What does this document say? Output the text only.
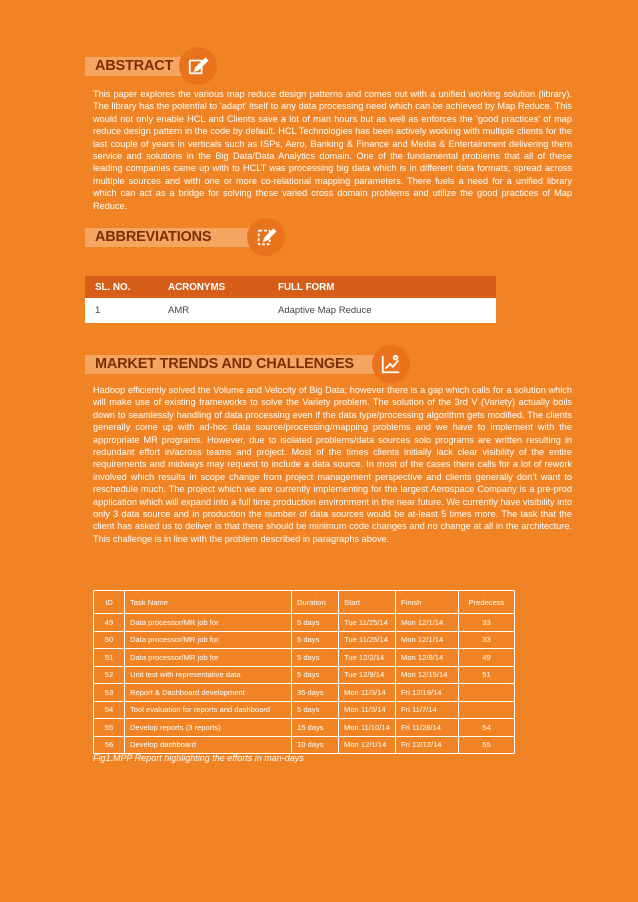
ABSTRACT

This paper explores the various map reduce design patterns and comes out with a unified working solution (library). The library has the potential to ‘adapt’ itself to any data processing need which can be achieved by Map Reduce. This would not only enable HCL and Clients save a lot of man hours but as well as enforces the ‘good practices’ of map reduce design pattern in the code by default. HCL Technologies has been actively working with multiple clients for the last couple of years in verticals such as ISPs, Aero, Banking & Finance and Media & Entertainment delivering them service and solutions in the Big Data/Data Analytics domain. One of the fundamental problems that all of these leading companies came up with to HCLT was processing big data which is in different data formats, spread across multiple sources and with one or more co-relational mapping parameters. There fuels a need for a unified library which can act as a bridge for solving these varied cross domain problems and utilize the good practices of Map Reduce.

ABBREVIATIONS
SL. NO.	ACRONYMS	FULL FORM
1	AMR	Adaptive Map Reduce
MARKET TRENDS AND CHALLENGES

Hadoop efficiently solved the Volume and Velocity of Big Data; however there is a gap which calls for a solution which will make use of existing frameworks to solve the Variety problem. The solution of the 3rd V (Variety) actually boils down to seamlessly handling of data processing even if the data type/processing algorithm gets modified. The clients generally come up with ad-hoc data source/processing/mapping problems and we have to implement with the appropriate MR programs. However, due to isolated problems/data sources solo programs are written resulting in redundant effort in/across teams and project. Most of the times clients initially lack clear visibility of the entire requirements and midways may request to include a data source. In most of the cases there calls for a lot of rework involved which results in scope change from project management perspective and clients generally don’t want to reschedule much. The project which we are currently implementing for the largest Aerospace Company is a pre-prod application which will expand into a full time production environment in the near future. We currently have visibility into only 3 data source and in production the number of data sources would be at-least 5 times more. The task that the client has asked us to deliver is that there should be minimum code changes and no change at all in the architecture. This challenge is in line with the problem described in paragraphs above.

ID	Task Name	Duration	Start	Finish	Predecess
49	Data processor/MR job for	5 days	Tue 11/25/14	Mon 12/1/14	33
50	Data processor/MR job for	5 days	Tue 11/25/14	Mon 12/1/14	33
51	Data processor/MR job for	5 days	Tue 12/2/14	Mon 12/8/14	49
52	Unit test with representative data	5 days	Tue 12/9/14	Mon 12/15/14	51
53	Report & Dashboard development	35 days	Mon 11/3/14	Fri 12/19/14	
54	Tool evaluation for reports and dashboard	5 days	Mon 11/3/14	Fri 11/7/14	
55	Develop reports (3 reports)	15 days	Mon 11/10/14	Fri 11/28/14	54
56	Develop dashboard	10 days	Mon 12/1/14	Fri 12/12/14	55

Fig1.MPP Report highlighting the efforts in man-days
